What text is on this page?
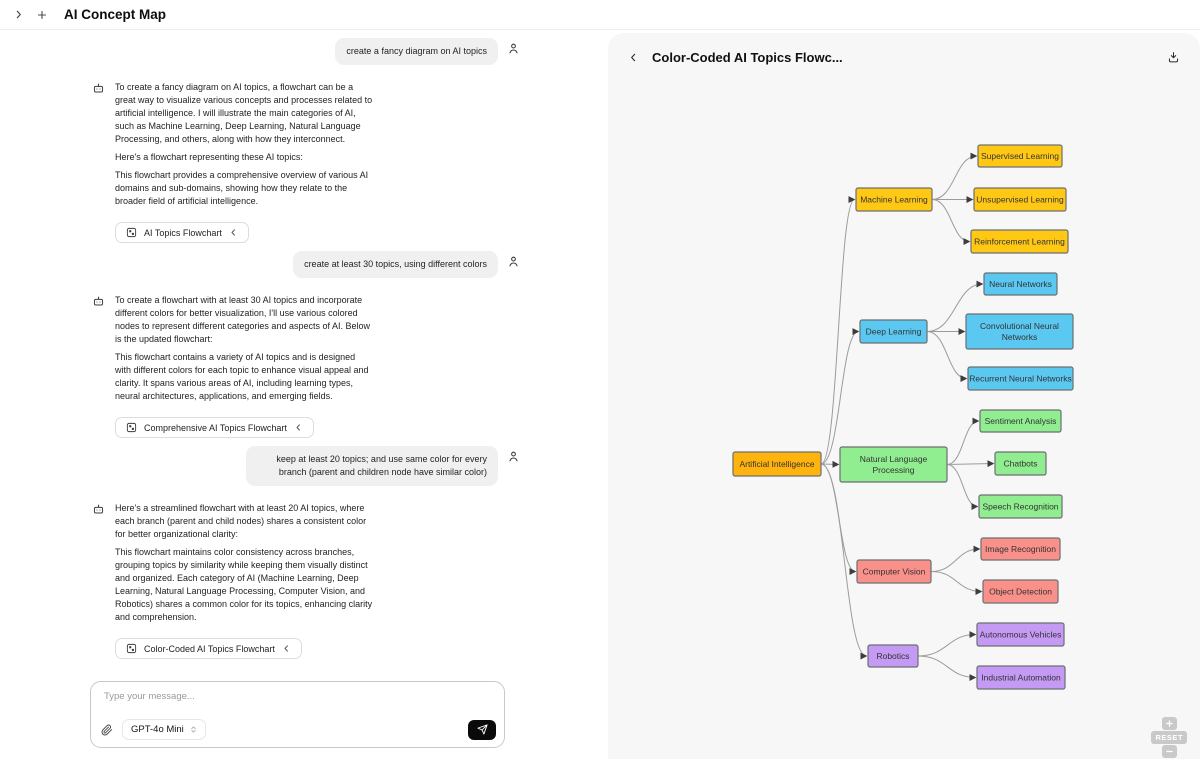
AI Concept Map
create a fancy diagram on AI topics

To create a fancy diagram on AI topics, a flowchart can be a great way to visualize various concepts and processes related to artificial intelligence. I will illustrate the main categories of AI, such as Machine Learning, Deep Learning, Natural Language Processing, and others, along with how they interconnect.

Here's a flowchart representing these AI topics:

This flowchart provides a comprehensive overview of various AI domains and sub-domains, showing how they relate to the broader field of artificial intelligence.

AI Topics Flowchart
create at least 30 topics, using different colors

To create a flowchart with at least 30 AI topics and incorporate different colors for better visualization, I'll use various colored nodes to represent different categories and aspects of AI. Below is the updated flowchart:

This flowchart contains a variety of AI topics and is designed with different colors for each topic to enhance visual appeal and clarity. It spans various areas of AI, including learning types, neural architectures, applications, and emerging fields.

Comprehensive AI Topics Flowchart
keep at least 20 topics; and use same color for every branch (parent and children node have similar color)

Here's a streamlined flowchart with at least 20 AI topics, where each branch (parent and child nodes) shares a consistent color for better organizational clarity:

This flowchart maintains color consistency across branches, grouping topics by similarity while keeping them visually distinct and organized. Each category of AI (Machine Learning, Deep Learning, Natural Language Processing, Computer Vision, and Robotics) shares a common color for its topics, enhancing clarity and comprehension.

Color-Coded AI Topics Flowchart
Type your message...
GPT-4o Mini
Color-Coded AI Topics Flowc...
Artificial Intelligence
Machine Learning
Supervised Learning
Unsupervised Learning
Reinforcement Learning
Deep Learning
Neural Networks
Convolutional Neural Networks
Recurrent Neural Networks
Natural Language Processing
Sentiment Analysis
Chatbots
Speech Recognition
Computer Vision
Image Recognition
Object Detection
Robotics
Autonomous Vehicles
Industrial Automation
RESET
